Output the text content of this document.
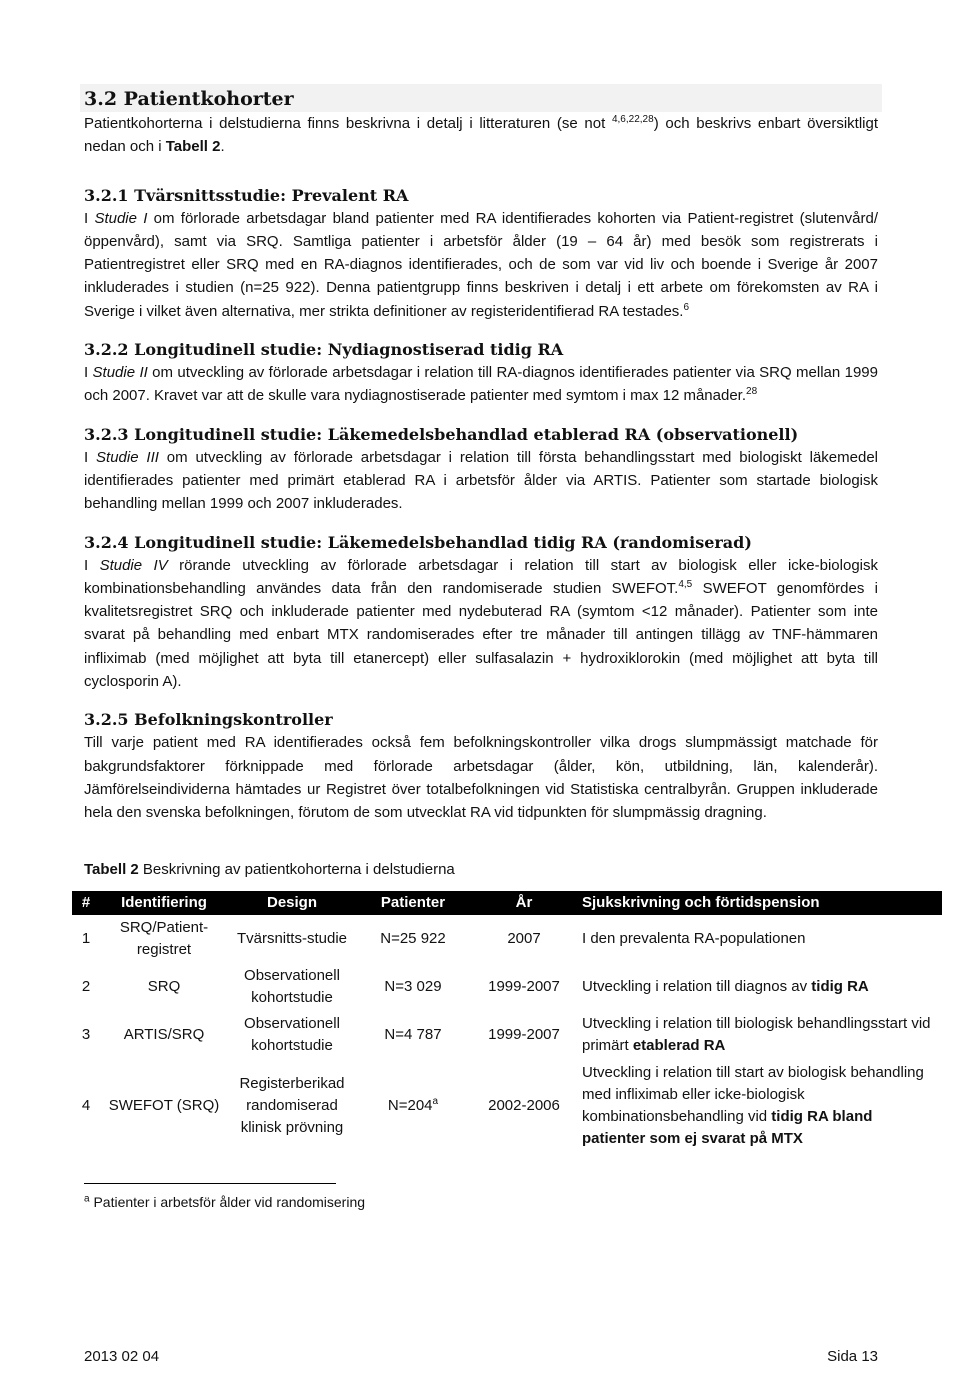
3.2 Patientkohorter

Patientkohorterna i delstudierna finns beskrivna i detalj i litteraturen (se not $^{4,6,22,28}$) och beskrivs enbart översiktligt nedan och i Tabell 2.

3.2.1 Tvärsnittsstudie: Prevalent RA

I Studie I om förlorade arbetsdagar bland patienter med RA identifierades kohorten via Patient-registret (slutenvård/öppenvård), samt via SRQ. Samtliga patienter i arbetsför ålder (19 – 64 år) med besök som registrerats i Patientregistret eller SRQ med en RA-diagnos identifierades, och de som var vid liv och boende i Sverige år 2007 inkluderades i studien (n=25 922). Denna patientgrupp finns beskriven i detalj i ett arbete om förekomsten av RA i Sverige i vilket även alternativa, mer strikta definitioner av registeridentifierad RA testades.$^6$

3.2.2 Longitudinell studie: Nydiagnostiserad tidig RA

I Studie II om utveckling av förlorade arbetsdagar i relation till RA-diagnos identifierades patienter via SRQ mellan 1999 och 2007. Kravet var att de skulle vara nydiagnostiserade patienter med symtom i max 12 månader.$^{28}$

3.2.3 Longitudinell studie: Läkemedelsbehandlad etablerad RA (observationell)

I Studie III om utveckling av förlorade arbetsdagar i relation till första behandlingsstart med biologiskt läkemedel identifierades patienter med primärt etablerad RA i arbetsför ålder via ARTIS. Patienter som startade biologisk behandling mellan 1999 och 2007 inkluderades.

3.2.4 Longitudinell studie: Läkemedelsbehandlad tidig RA (randomiserad)

I Studie IV rörande utveckling av förlorade arbetsdagar i relation till start av biologisk eller icke-biologisk kombinationsbehandling användes data från den randomiserade studien SWEFOT.$^{4,5}$ SWEFOT genomfördes i kvalitetsregistret SRQ och inkluderade patienter med nydebuterad RA (symtom <12 månader). Patienter som inte svarat på behandling med enbart MTX randomiserades efter tre månader till antingen tillägg av TNF-hämmaren infliximab (med möjlighet att byta till etanercept) eller sulfasalazin + hydroxiklorokin (med möjlighet att byta till cyclosporin A).

3.2.5 Befolkningskontroller

Till varje patient med RA identifierades också fem befolkningskontroller vilka drogs slumpmässigt matchade för bakgrundsfaktorer förknippade med förlorade arbetsdagar (ålder, kön, utbildning, län, kalenderår). Jämförelseindividerna hämtades ur Registret över totalbefolkningen vid Statistiska centralbyrån. Gruppen inkluderade hela den svenska befolkningen, förutom de som utvecklat RA vid tidpunkten för slumpmässig dragning.

Tabell 2 Beskrivning av patientkohorterna i delstudierna
#	Identifiering	Design	Patienter	År	Sjukskrivning och förtidspension
1	SRQ/Patient-registret	Tvärsnitts-studie	N=25 922	2007	I den prevalenta RA-populationen
2	SRQ	Observationell kohortstudie	N=3 029	1999-2007	Utveckling i relation till diagnos av tidig RA
3	ARTIS/SRQ	Observationell kohortstudie	N=4 787	1999-2007	Utveckling i relation till biologisk behandlingsstart vid primärt etablerad RA
4	SWEFOT (SRQ)	Registerberikad randomiserad klinisk prövning	$N=204^a$	2002-2006	Utveckling i relation till start av biologisk behandling med infliximab eller icke-biologisk kombinationsbehandling vid tidig RA bland patienter som ej svarat på MTX
$^a$ Patienter i arbetsför ålder vid randomisering
2013 02 04	Sida 13
